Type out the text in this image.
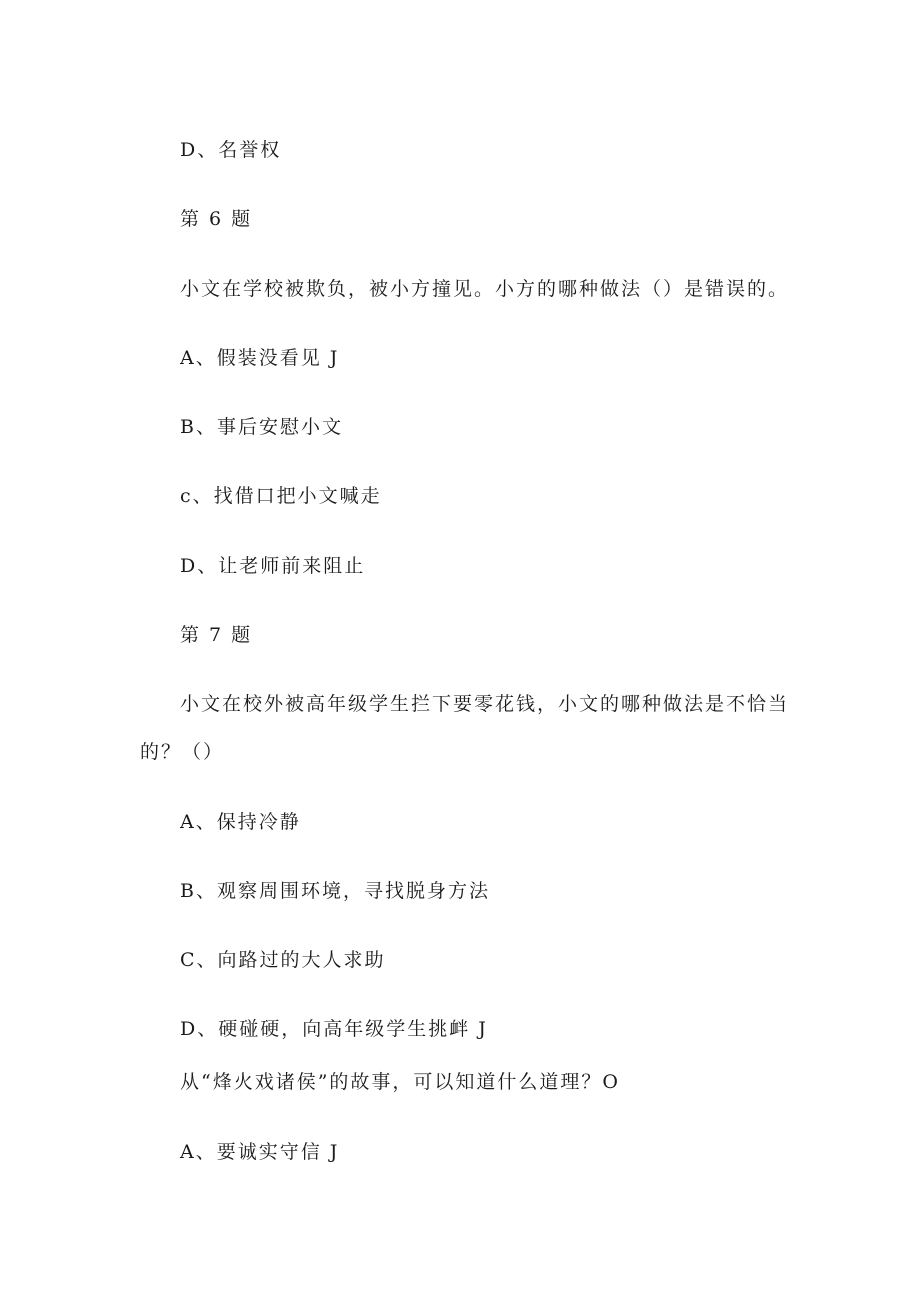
D、名誉权
第 6 题
小文在学校被欺负，被小方撞见。小方的哪种做法（）是错误的。
A、假装没看见 J
B、事后安慰小文
c、找借口把小文喊走
D、让老师前来阻止
第 7 题
小文在校外被高年级学生拦下要零花钱，小文的哪种做法是不恰当
的？（）
A、保持冷静
B、观察周围环境，寻找脱身方法
C、向路过的大人求助
D、硬碰硬，向高年级学生挑衅 J
从“烽火戏诸侯”的故事，可以知道什么道理？O
A、要诚实守信 J
